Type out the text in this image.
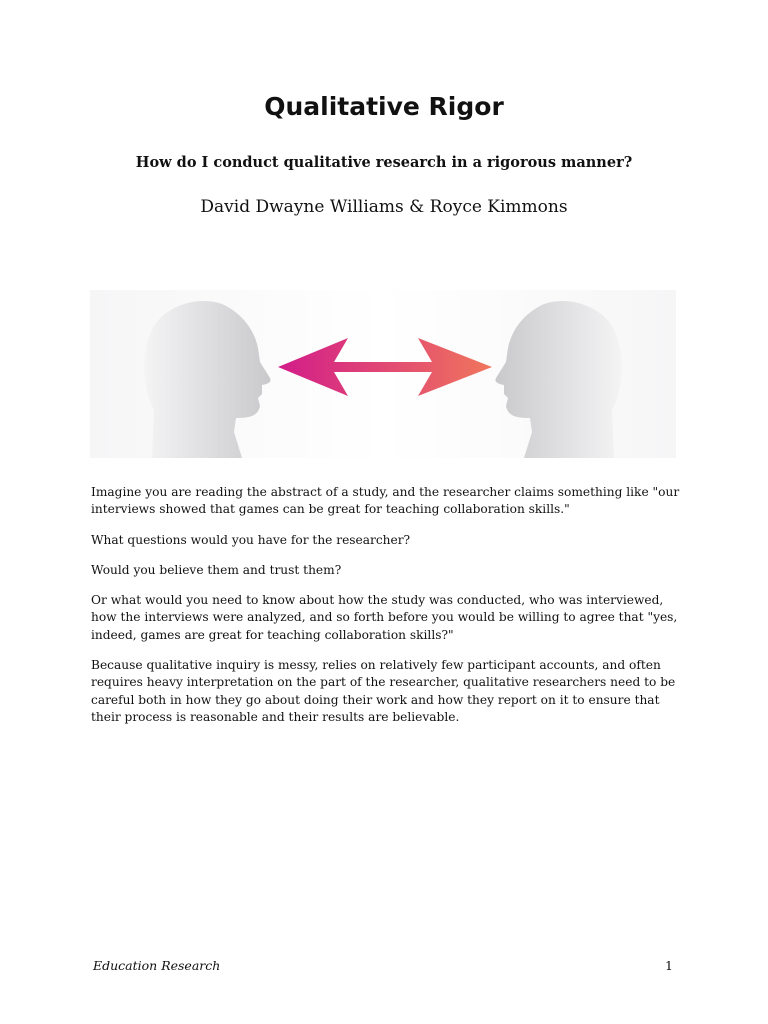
Qualitative Rigor
How do I conduct qualitative research in a rigorous manner?
David Dwayne Williams & Royce Kimmons

Imagine you are reading the abstract of a study, and the researcher claims something like "our interviews showed that games can be great for teaching collaboration skills."

What questions would you have for the researcher?

Would you believe them and trust them?

Or what would you need to know about how the study was conducted, who was interviewed, how the interviews were analyzed, and so forth before you would be willing to agree that "yes, indeed, games are great for teaching collaboration skills?"

Because qualitative inquiry is messy, relies on relatively few participant accounts, and often requires heavy interpretation on the part of the researcher, qualitative researchers need to be careful both in how they go about doing their work and how they report on it to ensure that their process is reasonable and their results are believable.

Education Research	1
